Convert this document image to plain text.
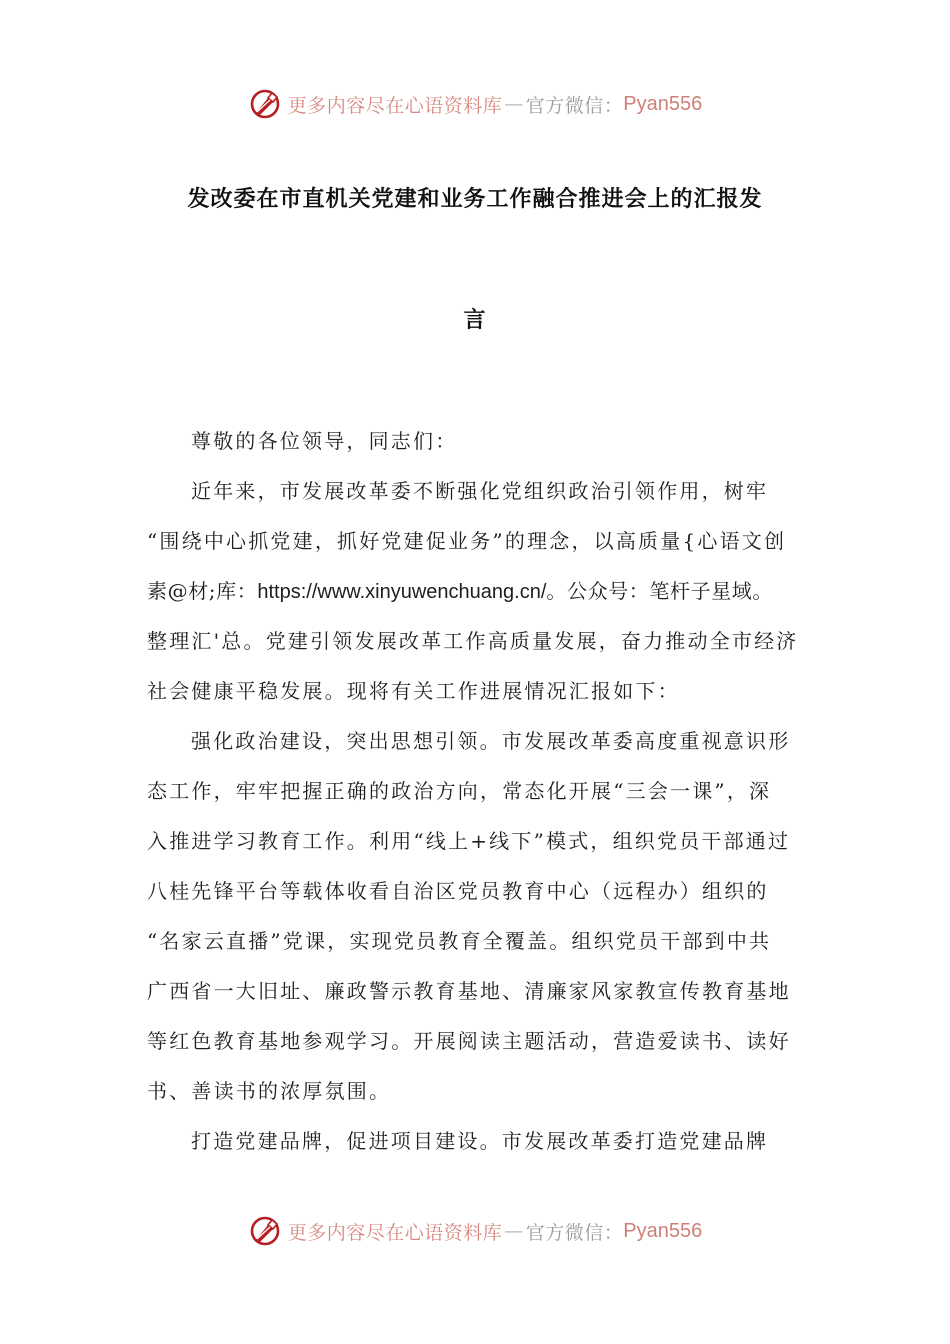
更多内容尽在心语资料库 — 官方微信： Pyan556
发改委在市直机关党建和业务工作融合推进会上的汇报发
言
尊敬的各位领导，同志们：
近年来，市发展改革委不断强化党组织政治引领作用，树牢
“围绕中心抓党建，抓好党建促业务”的理念，以高质量{心语文创
素@材;库：https://www.xinyuwenchuang.cn/。公众号：笔杆子星域。
整理汇'总。党建引领发展改革工作高质量发展，奋力推动全市经济
社会健康平稳发展。现将有关工作进展情况汇报如下：
强化政治建设，突出思想引领。市发展改革委高度重视意识形
态工作，牢牢把握正确的政治方向，常态化开展“三会一课”，深
入推进学习教育工作。利用“线上+线下”模式，组织党员干部通过
八桂先锋平台等载体收看自治区党员教育中心（远程办）组织的
“名家云直播”党课，实现党员教育全覆盖。组织党员干部到中共
广西省一大旧址、廉政警示教育基地、清廉家风家教宣传教育基地
等红色教育基地参观学习。开展阅读主题活动，营造爱读书、读好
书、善读书的浓厚氛围。
打造党建品牌，促进项目建设。市发展改革委打造党建品牌
更多内容尽在心语资料库 — 官方微信： Pyan556
